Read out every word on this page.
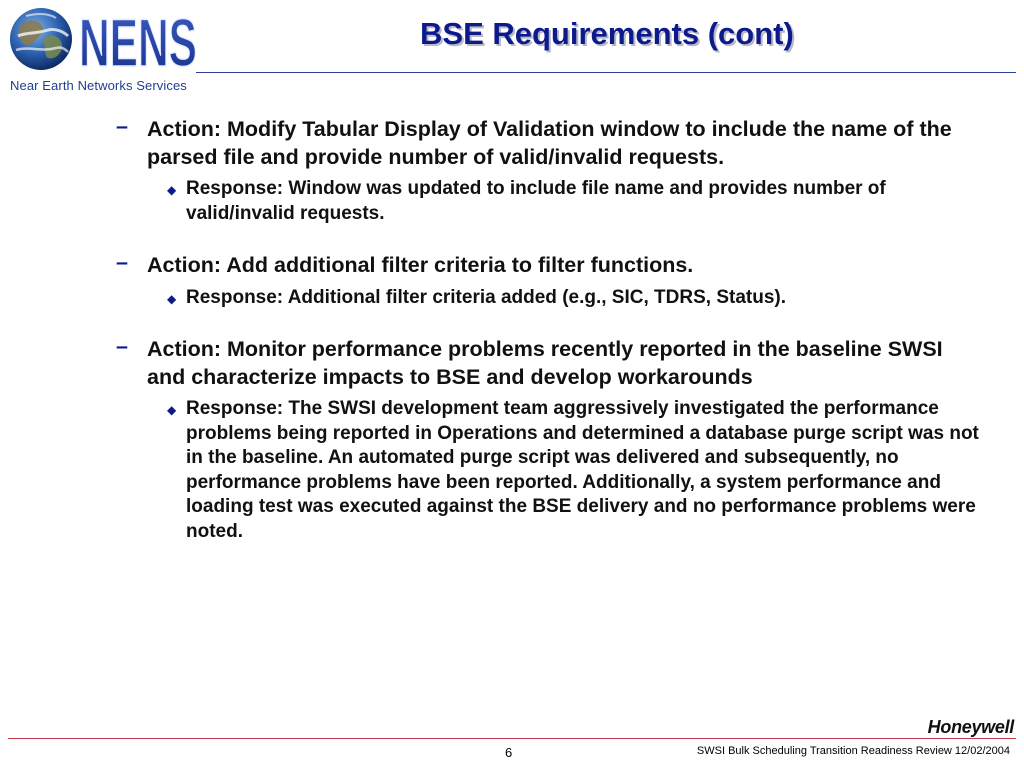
NENS
Near Earth Networks Services
BSE Requirements (cont)
– Action: Modify Tabular Display of Validation window to include the name of the parsed file and provide number of valid/invalid requests.
◆ Response: Window was updated to include file name and provides number of valid/invalid requests.
– Action: Add additional filter criteria to filter functions.
◆ Response: Additional filter criteria added (e.g., SIC, TDRS, Status).
– Action: Monitor performance problems recently reported in the baseline SWSI and characterize impacts to BSE and develop workarounds
◆ Response: The SWSI development team aggressively investigated the performance problems being reported in Operations and determined a database purge script was not in the baseline. An automated purge script was delivered and subsequently, no performance problems have been reported. Additionally, a system performance and loading test was executed against the BSE delivery and no performance problems were noted.
Honeywell
6	SWSI Bulk Scheduling Transition Readiness Review 12/02/2004
